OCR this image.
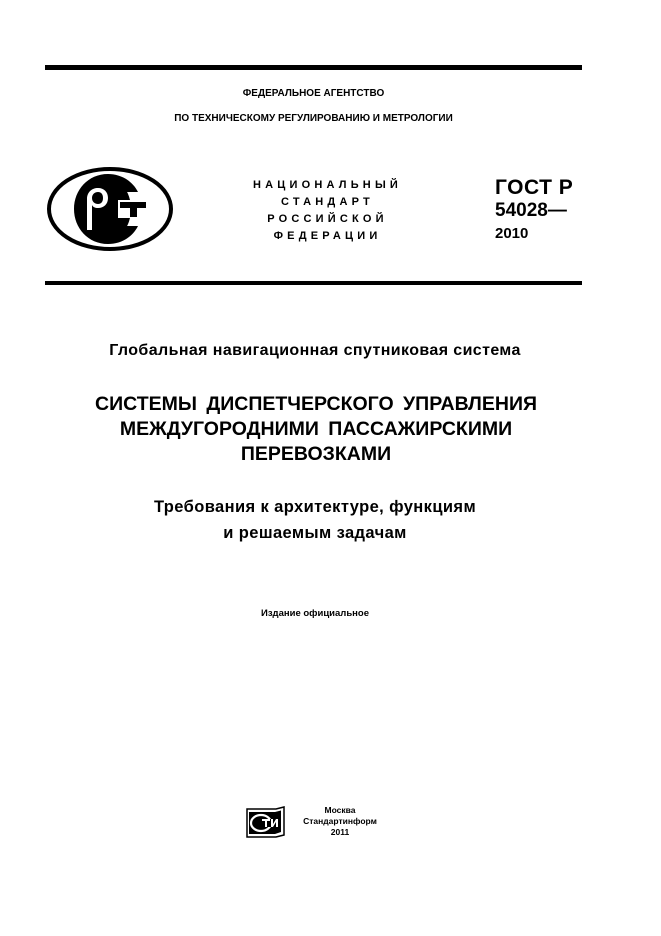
ФЕДЕРАЛЬНОЕ АГЕНТСТВО
ПО ТЕХНИЧЕСКОМУ РЕГУЛИРОВАНИЮ И МЕТРОЛОГИИ
НАЦИОНАЛЬНЫЙ
СТАНДАРТ
РОССИЙСКОЙ
ФЕДЕРАЦИИ
ГОСТ Р
54028—
2010
Глобальная навигационная спутниковая система
СИСТЕМЫ ДИСПЕТЧЕРСКОГО УПРАВЛЕНИЯ
МЕЖДУГОРОДНИМИ ПАССАЖИРСКИМИ
ПЕРЕВОЗКАМИ
Требования к архитектуре, функциям
и решаемым задачам
Издание официальное
Москва
Стандартинформ
2011
